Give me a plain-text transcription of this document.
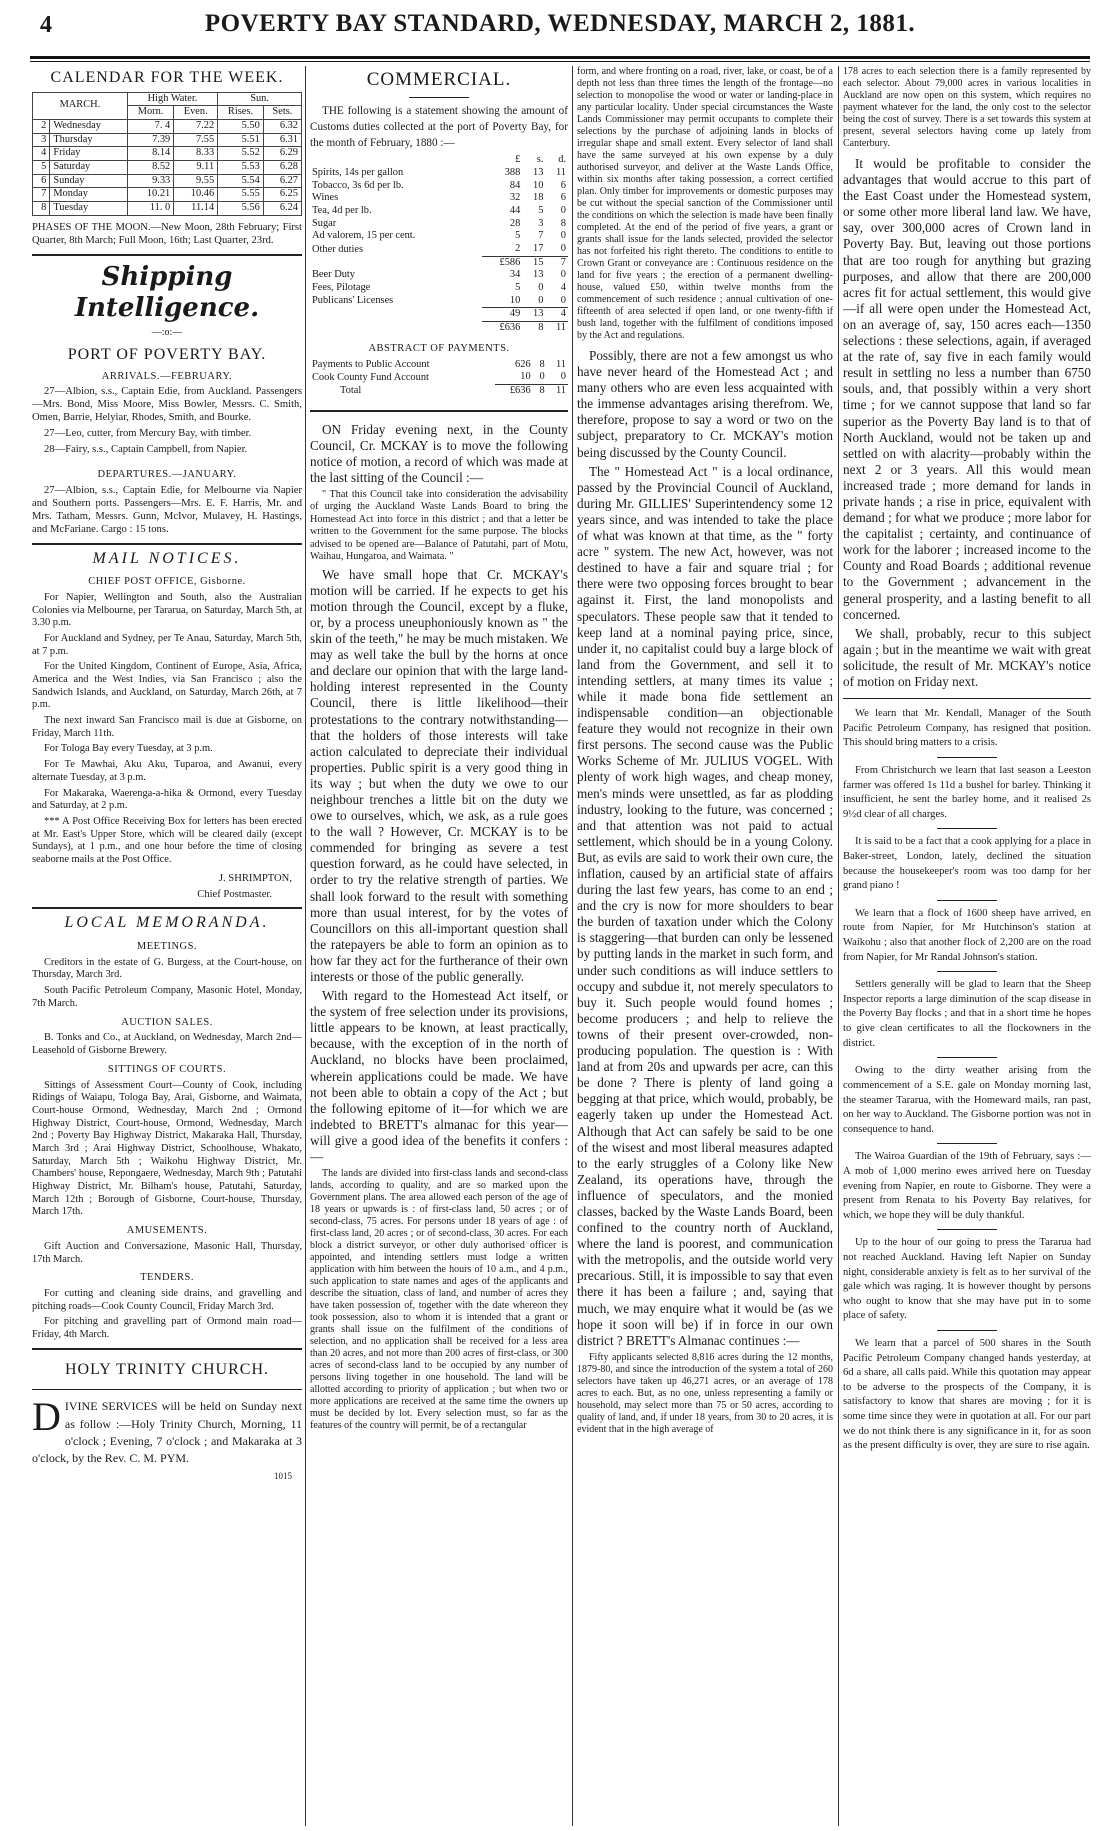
4	POVERTY BAY STANDARD, WEDNESDAY, MARCH 2, 1881.
CALENDAR FOR THE WEEK.
MARCH.		High Water.		Sun.	
		Morn.	Even.	Rises.	Sets.
2	Wednesday	7. 4	7.22	5.50	6.32
3	Thursday	7.39	7.55	5.51	6.31
4	Friday	8.14	8.33	5.52	6.29
5	Saturday	8.52	9.11	5.53	6.28
6	Sunday	9.33	9.55	5.54	6.27
7	Monday	10.21	10.46	5.55	6.25
8	Tuesday	11. 0	11.14	5.56	6.24

PHASES OF THE MOON.—New Moon, 28th February; First Quarter, 8th March; Full Moon, 16th; Last Quarter, 23rd.

Shipping Intelligence.
—:o:—
PORT OF POVERTY BAY.
ARRIVALS.—FEBRUARY.

27—Albion, s.s., Captain Edie, from Auckland. Passengers—Mrs. Bond, Miss Moore, Miss Bowler, Messrs. C. Smith, Omen, Barrie, Helyiar, Rhodes, Smith, and Bourke.

27—Leo, cutter, from Mercury Bay, with timber.

28—Fairy, s.s., Captain Campbell, from Napier.

DEPARTURES.—JANUARY.

27—Albion, s.s., Captain Edie, for Melbourne via Napier and Southern ports. Passengers—Mrs. E. F. Harris, Mr. and Mrs. Tatham, Messrs. Gunn, McIvor, Mulavey, H. Hastings, and McFariane. Cargo : 15 tons.

MAIL NOTICES.
CHIEF POST OFFICE, Gisborne.

For Napier, Wellington and South, also the Australian Colonies via Melbourne, per Tararua, on Saturday, March 5th, at 3.30 p.m.

For Auckland and Sydney, per Te Anau, Saturday, March 5th, at 7 p.m.

For the United Kingdom, Continent of Europe, Asia, Africa, America and the West Indies, via San Francisco ; also the Sandwich Islands, and Auckland, on Saturday, March 26th, at 7 p.m.

The next inward San Francisco mail is due at Gisborne, on Friday, March 11th.

For Tologa Bay every Tuesday, at 3 p.m.

For Te Mawhai, Aku Aku, Tuparoa, and Awanui, every alternate Tuesday, at 3 p.m.

For Makaraka, Waerenga-a-hika & Ormond, every Tuesday and Saturday, at 2 p.m.

*** A Post Office Receiving Box for letters has been erected at Mr. East's Upper Store, which will be cleared daily (except Sundays), at 1 p.m., and one hour before the time of closing seaborne mails at the Post Office.

J. SHRIMPTON,

Chief Postmaster.

LOCAL MEMORANDA.
MEETINGS.

Creditors in the estate of G. Burgess, at the Court-house, on Thursday, March 3rd.

South Pacific Petroleum Company, Masonic Hotel, Monday, 7th March.

AUCTION SALES.

B. Tonks and Co., at Auckland, on Wednesday, March 2nd—Leasehold of Gisborne Brewery.

SITTINGS OF COURTS.

Sittings of Assessment Court—County of Cook, including Ridings of Waiapu, Tologa Bay, Arai, Gisborne, and Waimata, Court-house Ormond, Wednesday, March 2nd ; Ormond Highway District, Court-house, Ormond, Wednesday, March 2nd ; Poverty Bay Highway District, Makaraka Hall, Thursday, March 3rd ; Arai Highway District, Schoolhouse, Whakato, Saturday, March 5th ; Waikohu Highway District, Mr. Chambers' house, Repongaere, Wednesday, March 9th ; Patutahi Highway District, Mr. Bilham's house, Patutahi, Saturday, March 12th ; Borough of Gisborne, Court-house, Thursday, March 17th.

AMUSEMENTS.

Gift Auction and Conversazione, Masonic Hall, Thursday, 17th March.

TENDERS.

For cutting and cleaning side drains, and gravelling and pitching roads—Cook County Council, Friday March 3rd.

For pitching and gravelling part of Ormond main road—Friday, 4th March.

HOLY TRINITY CHURCH.

DIVINE SERVICES will be held on Sunday next as follow :—Holy Trinity Church, Morning, 11 o'clock ; Evening, 7 o'clock ; and Makaraka at 3 o'clock, by the Rev. C. M. PYM.

1015

COMMERCIAL.

THE following is a statement showing the amount of Customs duties collected at the port of Poverty Bay, for the month of February, 1880 :—

	£	s.	d.
Spirits, 14s per gallon	388	13	11
Tobacco, 3s 6d per lb.	84	10	6
Wines	32	18	6
Tea, 4d per lb.	44	5	0
Sugar	28	3	8
Ad valorem, 15 per cent.	5	7	0
Other duties	2	17	0
	£586	15	7
Beer Duty	34	13	0
Fees, Pilotage	5	0	4
Publicans' Licenses	10	0	0
	49	13	4
	£636	8	11
ABSTRACT OF PAYMENTS.
Payments to Public Account	626	8	11
Cook County Fund Account	10	0	0
Total	£636	8	11

ON Friday evening next, in the County Council, Cr. MCKAY is to move the following notice of motion, a record of which was made at the last sitting of the Council :—

" That this Council take into consideration the advisability of urging the Auckland Waste Lands Board to bring the Homestead Act into force in this district ; and that a letter be written to the Government for the same purpose. The blocks advised to be opened are—Balance of Patutahi, part of Motu, Waihau, Hungaroa, and Waimata. "

We have small hope that Cr. MCKAY's motion will be carried. If he expects to get his motion through the Council, except by a fluke, or, by a process uneuphoniously known as " the skin of the teeth," he may be much mistaken. We may as well take the bull by the horns at once and declare our opinion that with the large land-holding interest represented in the County Council, there is little likelihood—their protestations to the contrary notwithstanding—that the holders of those interests will take action calculated to depreciate their individual properties. Public spirit is a very good thing in its way ; but when the duty we owe to our neighbour trenches a little bit on the duty we owe to ourselves, which, we ask, as a rule goes to the wall ? However, Cr. MCKAY is to be commended for bringing as severe a test question forward, as he could have selected, in order to try the relative strength of parties. We shall look forward to the result with something more than usual interest, for by the votes of Councillors on this all-important question shall the ratepayers be able to form an opinion as to how far they act for the furtherance of their own interests or those of the public generally.

With regard to the Homestead Act itself, or the system of free selection under its provisions, little appears to be known, at least practically, because, with the exception of in the north of Auckland, no blocks have been proclaimed, wherein applications could be made. We have not been able to obtain a copy of the Act ; but the following epitome of it—for which we are indebted to BRETT's almanac for this year—will give a good idea of the benefits it confers :—

The lands are divided into first-class lands and second-class lands, according to quality, and are so marked upon the Government plans. The area allowed each person of the age of 18 years or upwards is : of first-class land, 50 acres ; or of second-class, 75 acres. For persons under 18 years of age : of first-class land, 20 acres ; or of second-class, 30 acres. For each block a district surveyor, or other duly authorised officer is appointed, and intending settlers must lodge a written application with him between the hours of 10 a.m., and 4 p.m., such application to state names and ages of the applicants and describe the situation, class of land, and number of acres they have taken possession of, together with the date whereon they took possession, also to whom it is intended that a grant or grants shall issue on the fulfilment of the conditions of selection, and no application shall be received for a less area than 20 acres, and not more than 200 acres of first-class, or 300 acres of second-class land to be occupied by any number of persons living together in one household. The land will be allotted according to priority of application ; but when two or more applications are received at the same time the owners up must be decided by lot. Every selection must, so far as the features of the country will permit, be of a rectangular

form, and where fronting on a road, river, lake, or coast, be of a depth not less than three times the length of the frontage—no selection to monopolise the wood or water or landing-place in any particular locality. Under special circumstances the Waste Lands Commissioner may permit occupants to complete their selections by the purchase of adjoining lands in blocks of irregular shape and small extent. Every selector of land shall have the same surveyed at his own expense by a duly authorised surveyor, and deliver at the Waste Lands Office, within six months after taking possession, a correct certified plan. Only timber for improvements or domestic purposes may be cut without the special sanction of the Commissioner until the conditions on which the selection is made have been finally completed. At the end of the period of five years, a grant or grants shall issue for the lands selected, provided the selector has not forfeited his right thereto. The conditions to entitle to Crown Grant or conveyance are : Continuous residence on the land for five years ; the erection of a permanent dwelling-house, valued £50, within twelve months from the commencement of such residence ; annual cultivation of one-fifteenth of area selected if open land, or one twenty-fifth if bush land, together with the fulfilment of conditions imposed by the Act and regulations.

Possibly, there are not a few amongst us who have never heard of the Homestead Act ; and many others who are even less acquainted with the immense advantages arising therefrom. We, therefore, propose to say a word or two on the subject, preparatory to Cr. MCKAY's motion being discussed by the County Council.

The " Homestead Act " is a local ordinance, passed by the Provincial Council of Auckland, during Mr. GILLIES' Superintendency some 12 years since, and was intended to take the place of what was known at that time, as the " forty acre " system. The new Act, however, was not destined to have a fair and square trial ; for there were two opposing forces brought to bear against it. First, the land monopolists and speculators. These people saw that it tended to keep land at a nominal paying price, since, under it, no capitalist could buy a large block of land from the Government, and sell it to intending settlers, at many times its value ; while it made bona fide settlement an indispensable condition—an objectionable feature they would not recognize in their own first persons. The second cause was the Public Works Scheme of Mr. JULIUS VOGEL. With plenty of work high wages, and cheap money, men's minds were unsettled, as far as plodding industry, looking to the future, was concerned ; and that attention was not paid to actual settlement, which should be in a young Colony. But, as evils are said to work their own cure, the inflation, caused by an artificial state of affairs during the last few years, has come to an end ; and the cry is now for more shoulders to bear the burden of taxation under which the Colony is staggering—that burden can only be lessened by putting lands in the market in such form, and under such conditions as will induce settlers to occupy and subdue it, not merely speculators to buy it. Such people would found homes ; become producers ; and help to relieve the towns of their present over-crowded, non-producing population. The question is : With land at from 20s and upwards per acre, can this be done ? There is plenty of land going a begging at that price, which would, probably, be eagerly taken up under the Homestead Act. Although that Act can safely be said to be one of the wisest and most liberal measures adapted to the early struggles of a Colony like New Zealand, its operations have, through the influence of speculators, and the monied classes, backed by the Waste Lands Board, been confined to the country north of Auckland, where the land is poorest, and communication with the metropolis, and the outside world very precarious. Still, it is impossible to say that even there it has been a failure ; and, saying that much, we may enquire what it would be (as we hope it soon will be) if in force in our own district ? BRETT's Almanac continues :—

Fifty applicants selected 8,816 acres during the 12 months, 1879-80, and since the introduction of the system a total of 260 selectors have taken up 46,271 acres, or an average of 178 acres to each. But, as no one, unless representing a family or household, may select more than 75 or 50 acres, according to quality of land, and, if under 18 years, from 30 to 20 acres, it is evident that in the high average of

178 acres to each selection there is a family represented by each selector. About 79,000 acres in various localities in Auckland are now open on this system, which requires no payment whatever for the land, the only cost to the selector being the cost of survey. There is a set towards this system at present, several selectors having come up lately from Canterbury.

It would be profitable to consider the advantages that would accrue to this part of the East Coast under the Homestead system, or some other more liberal land law. We have, say, over 300,000 acres of Crown land in Poverty Bay. But, leaving out those portions that are too rough for anything but grazing purposes, and allow that there are 200,000 acres fit for actual settlement, this would give—if all were open under the Homestead Act, on an average of, say, 150 acres each—1350 selections : these selections, again, if averaged at the rate of, say five in each family would result in settling no less a number than 6750 souls, and, that possibly within a very short time ; for we cannot suppose that land so far superior as the Poverty Bay land is to that of North Auckland, would not be taken up and settled on with alacrity—probably within the next 2 or 3 years. All this would mean increased trade ; more demand for lands in private hands ; a rise in price, equivalent with demand ; for what we produce ; more labor for the capitalist ; certainty, and continuance of work for the laborer ; increased income to the County and Road Boards ; additional revenue to the Government ; advancement in the general prosperity, and a lasting benefit to all concerned.

We shall, probably, recur to this subject again ; but in the meantime we wait with great solicitude, the result of Mr. MCKAY's notice of motion on Friday next.

We learn that Mr. Kendall, Manager of the South Pacific Petroleum Company, has resigned that position. This should bring matters to a crisis.

From Christchurch we learn that last season a Leeston farmer was offered 1s 11d a bushel for barley. Thinking it insufficient, he sent the barley home, and it realised 2s 9½d clear of all charges.

It is said to be a fact that a cook applying for a place in Baker-street, London, lately, declined the situation because the housekeeper's room was too damp for her grand piano !

We learn that a flock of 1600 sheep have arrived, en route from Napier, for Mr Hutchinson's station at Waikohu ; also that another flock of 2,200 are on the road from Napier, for Mr Randal Johnson's station.

Settlers generally will be glad to learn that the Sheep Inspector reports a large diminution of the scap disease in the Poverty Bay flocks ; and that in a short time he hopes to give clean certificates to all the flockowners in the district.

Owing to the dirty weather arising from the commencement of a S.E. gale on Monday morning last, the steamer Tararua, with the Homeward mails, ran past, on her way to Auckland. The Gisborne portion was not in consequence to hand.

The Wairoa Guardian of the 19th of February, says :— A mob of 1,000 merino ewes arrived here on Tuesday evening from Napier, en route to Gisborne. They were a present from Renata to his Poverty Bay relatives, for which, we hope they will be duly thankful.

Up to the hour of our going to press the Tararua had not reached Auckland. Having left Napier on Sunday night, considerable anxiety is felt as to her survival of the gale which was raging. It is however thought by persons who ought to know that she may have put in to some place of safety.

We learn that a parcel of 500 shares in the South Pacific Petroleum Company changed hands yesterday, at 6d a share, all calls paid. While this quotation may appear to be adverse to the prospects of the Company, it is satisfactory to know that shares are moving ; for it is some time since they were in quotation at all. For our part we do not think there is any significance in it, for as soon as the present difficulty is over, they are sure to rise again.
